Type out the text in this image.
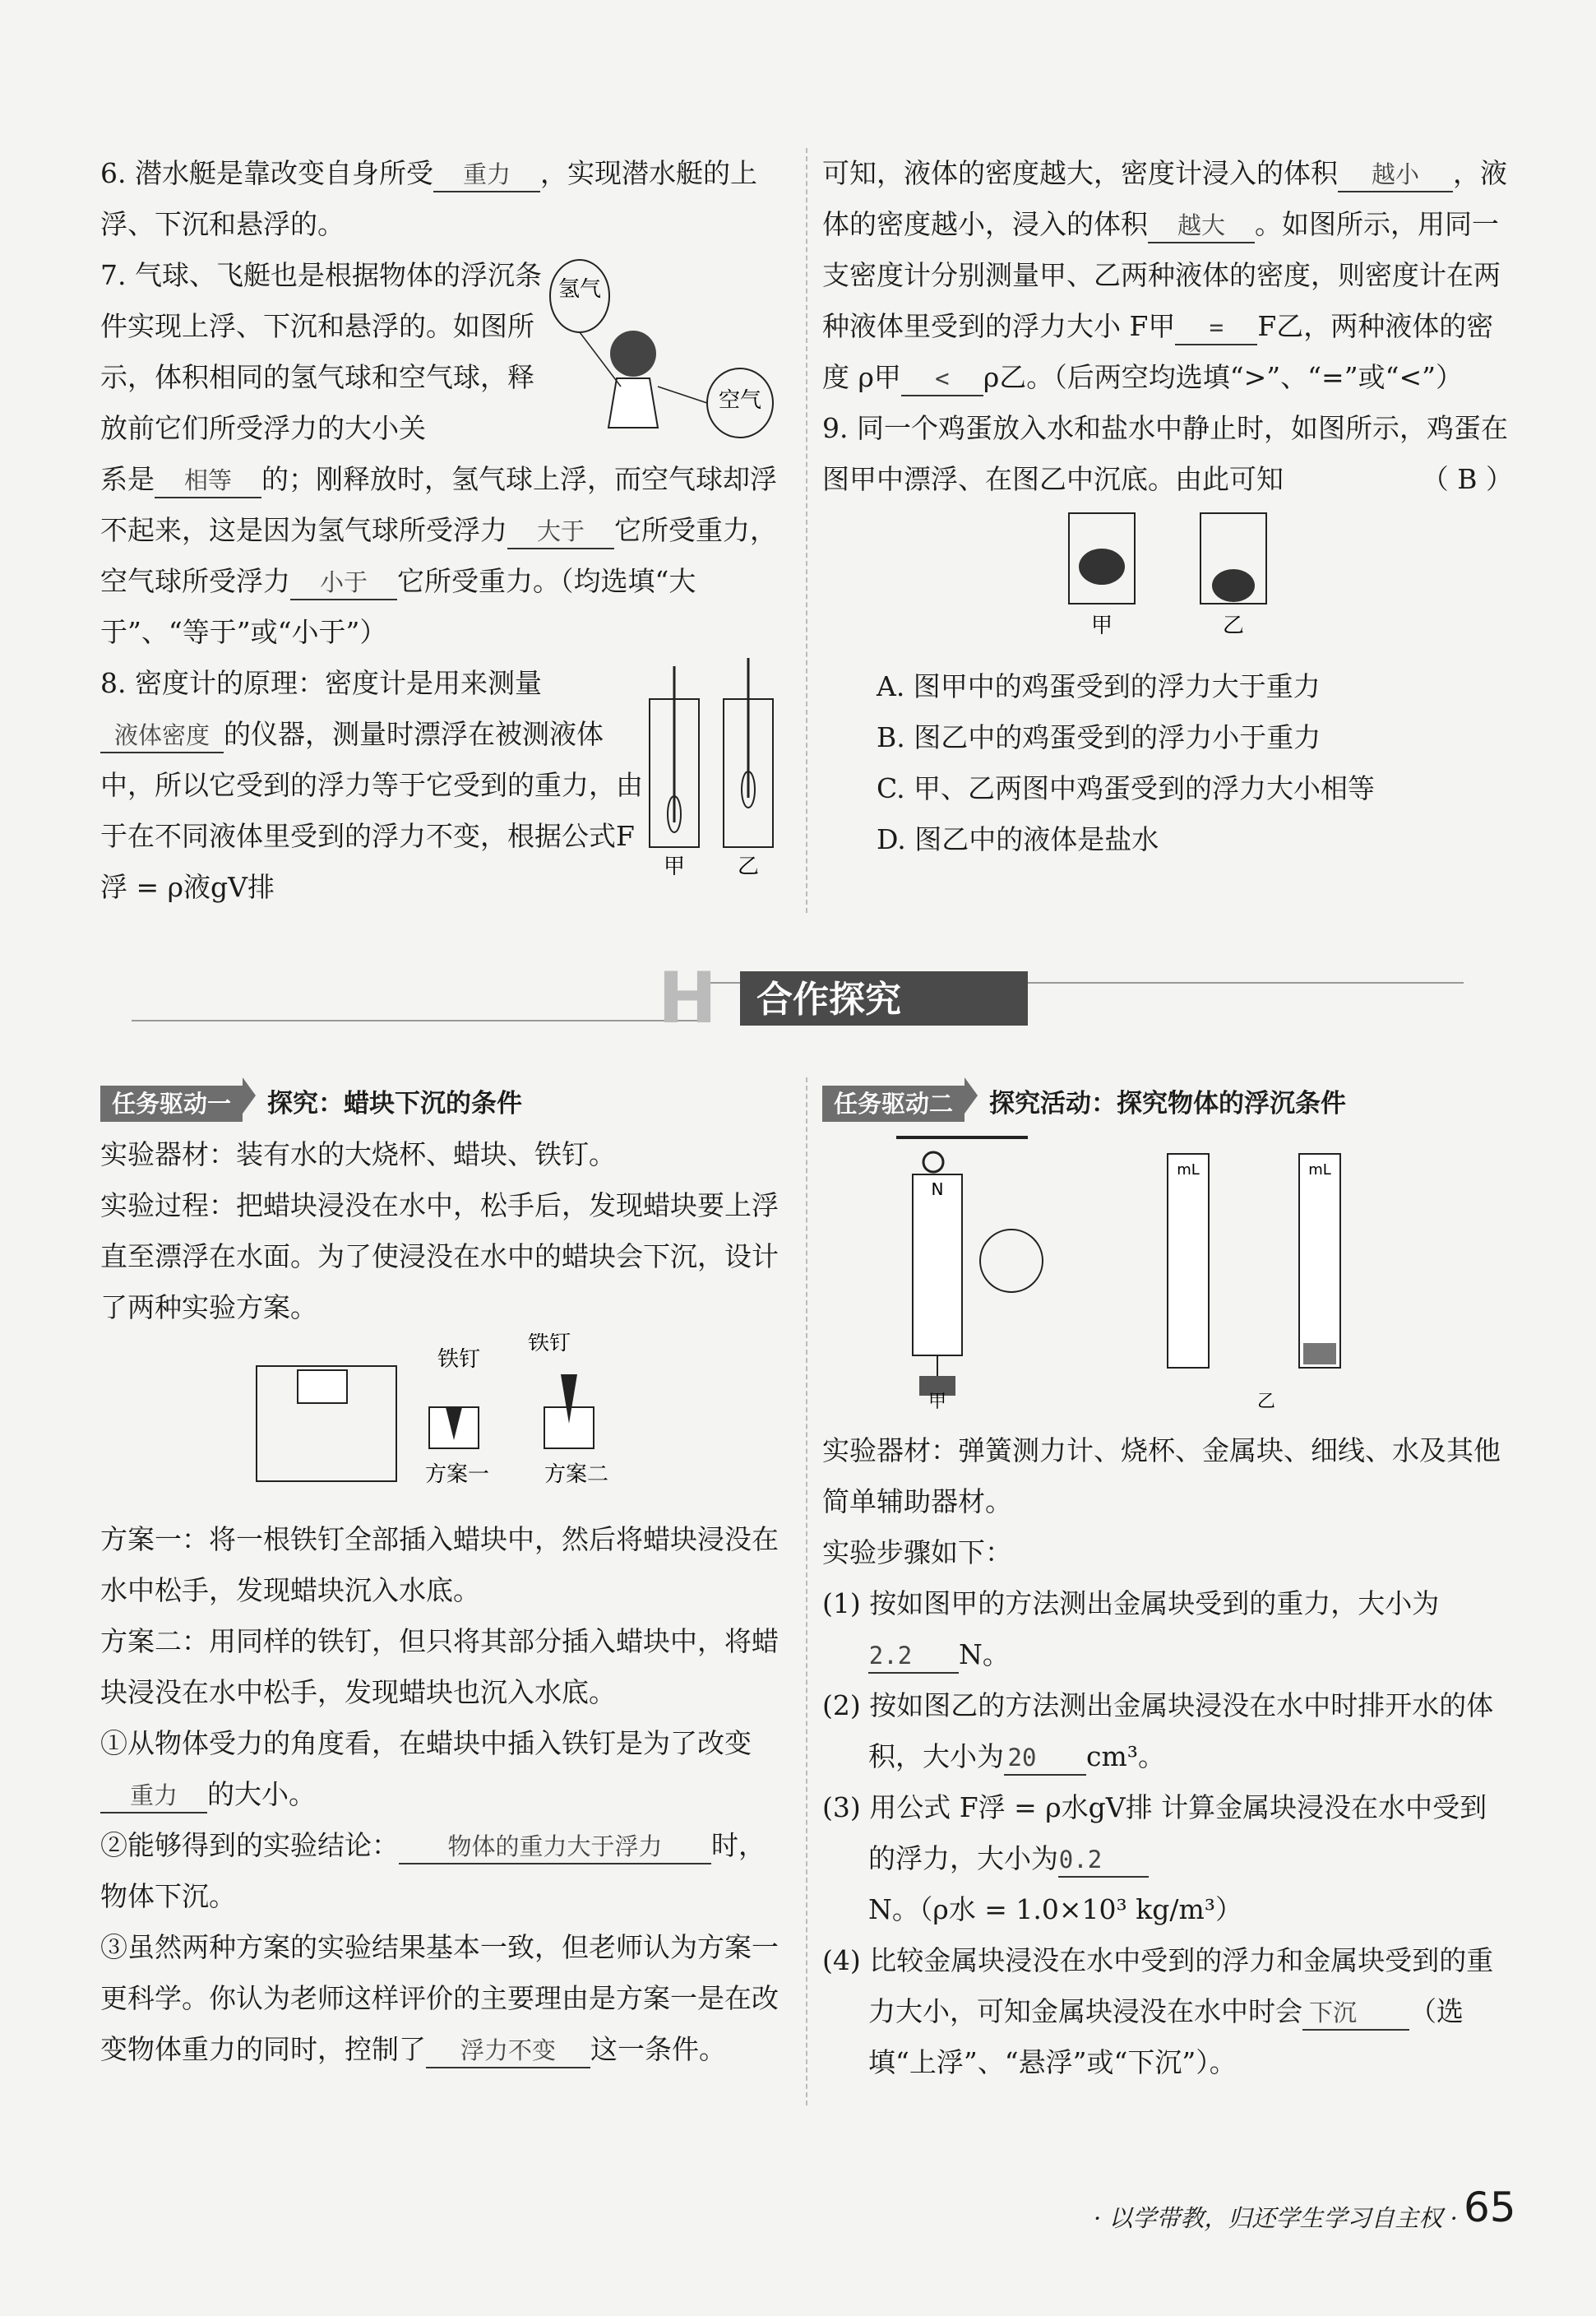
6. 潜水艇是靠改变自身所受 重力 ，实现潜水艇的上浮、下沉和悬浮的。

7. 气球、飞艇也是根据物体的浮沉条件实现上浮、下沉和悬浮的。如图所示，体积相同的氢气球和空气球，释放前它们所受浮力的大小关

系是 相等 的；刚释放时，氢气球上浮，而空气球却浮不起来，这是因为氢气球所受浮力 大于 它所受重力，空气球所受浮力 小于 它所受重力。（均选填“大于”、“等于”或“小于”）

8. 密度计的原理：密度计是用来测量液体密度 的仪器，测量时漂浮在被测液体中，所以它受到的浮力等于它受到的重力，由于在不同液体里受到的浮力不变，根据公式F浮 = ρ液gV排

氢气
空气
甲 乙

可知，液体的密度越大，密度计浸入的体积 越小 ，液体的密度越小，浸入的体积 越大 。如图所示，用同一支密度计分别测量甲、乙两种液体的密度，则密度计在两种液体里受到的浮力大小 F甲 = F乙，两种液体的密度 ρ甲 < ρ乙。（后两空均选填“>”、“=”或“<”）

9. 同一个鸡蛋放入水和盐水中静止时，如图所示，鸡蛋在图甲中漂浮、在图乙中沉底。由此可知	（ B ）

甲	乙

A. 图甲中的鸡蛋受到的浮力大于重力

B. 图乙中的鸡蛋受到的浮力小于重力

C. 甲、乙两图中鸡蛋受到的浮力大小相等

D. 图乙中的液体是盐水

H 合作探究

任务驱动一 探究：蜡块下沉的条件

实验器材：装有水的大烧杯、蜡块、铁钉。

实验过程：把蜡块浸没在水中，松手后，发现蜡块要上浮直至漂浮在水面。为了使浸没在水中的蜡块会下沉，设计了两种实验方案。

铁钉
铁钉
方案一	方案二

方案一：将一根铁钉全部插入蜡块中，然后将蜡块浸没在水中松手，发现蜡块沉入水底。

方案二：用同样的铁钉，但只将其部分插入蜡块中，将蜡块浸没在水中松手，发现蜡块也沉入水底。

①从物体受力的角度看，在蜡块中插入铁钉是为了改变重力 的大小。

②能够得到的实验结论： 物体的重力大于浮力 时，物体下沉。

③虽然两种方案的实验结果基本一致，但老师认为方案一更科学。你认为老师这样评价的主要理由是方案一是在改变物体重力的同时，控制了 浮力不变 这一条件。

任务驱动二 探究活动：探究物体的浮沉条件

N
甲
mL	mL
乙

实验器材：弹簧测力计、烧杯、金属块、细线、水及其他简单辅助器材。

实验步骤如下：

(1) 按如图甲的方法测出金属块受到的重力，大小为2.2 N。

(2) 按如图乙的方法测出金属块浸没在水中时排开水的体积，大小为 20 cm³。

(3) 用公式 F浮 = ρ水gV排 计算金属块浸没在水中受到的浮力，大小为0.2N。（ρ水 = 1.0×10³ kg/m³）

(4) 比较金属块浸没在水中受到的浮力和金属块受到的重力大小，可知金属块浸没在水中时会 下沉 （选填“上浮”、“悬浮”或“下沉”）。

· 以学带教，归还学生学习自主权 · 65
